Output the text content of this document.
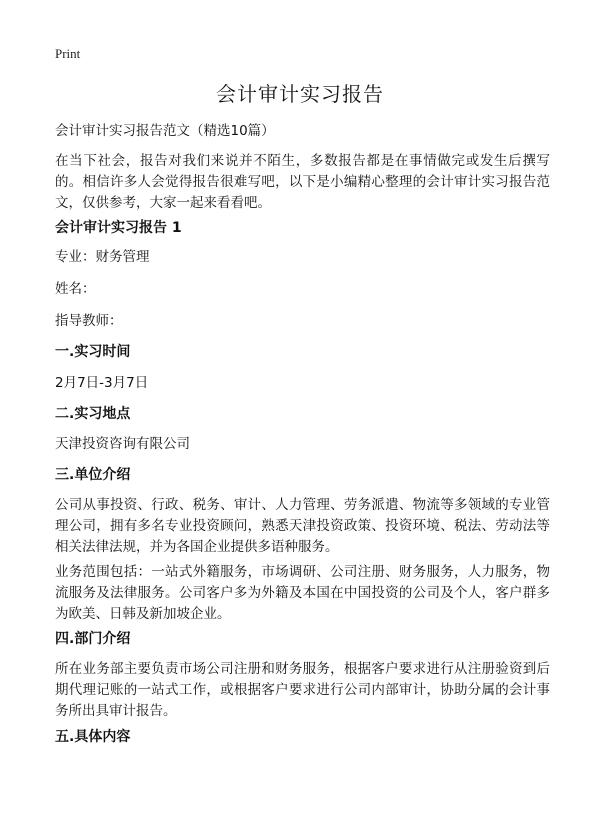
Print
会计审计实习报告

会计审计实习报告范文（精选10篇）

在当下社会，报告对我们来说并不陌生，多数报告都是在事情做完或发生后撰写的。相信许多人会觉得报告很难写吧，以下是小编精心整理的会计审计实习报告范文，仅供参考，大家一起来看看吧。

会计审计实习报告 1

专业：财务管理

姓名：

指导教师：

一.实习时间

2月7日-3月7日

二.实习地点

天津投资咨询有限公司

三.单位介绍

公司从事投资、行政、税务、审计、人力管理、劳务派遣、物流等多领域的专业管理公司，拥有多名专业投资顾问，熟悉天津投资政策、投资环境、税法、劳动法等相关法律法规，并为各国企业提供多语种服务。

业务范围包括：一站式外籍服务，市场调研、公司注册、财务服务，人力服务，物流服务及法律服务。公司客户多为外籍及本国在中国投资的公司及个人，客户群多为欧美、日韩及新加坡企业。

四.部门介绍

所在业务部主要负责市场公司注册和财务服务，根据客户要求进行从注册验资到后期代理记账的一站式工作，或根据客户要求进行公司内部审计，协助分属的会计事务所出具审计报告。

五.具体内容
